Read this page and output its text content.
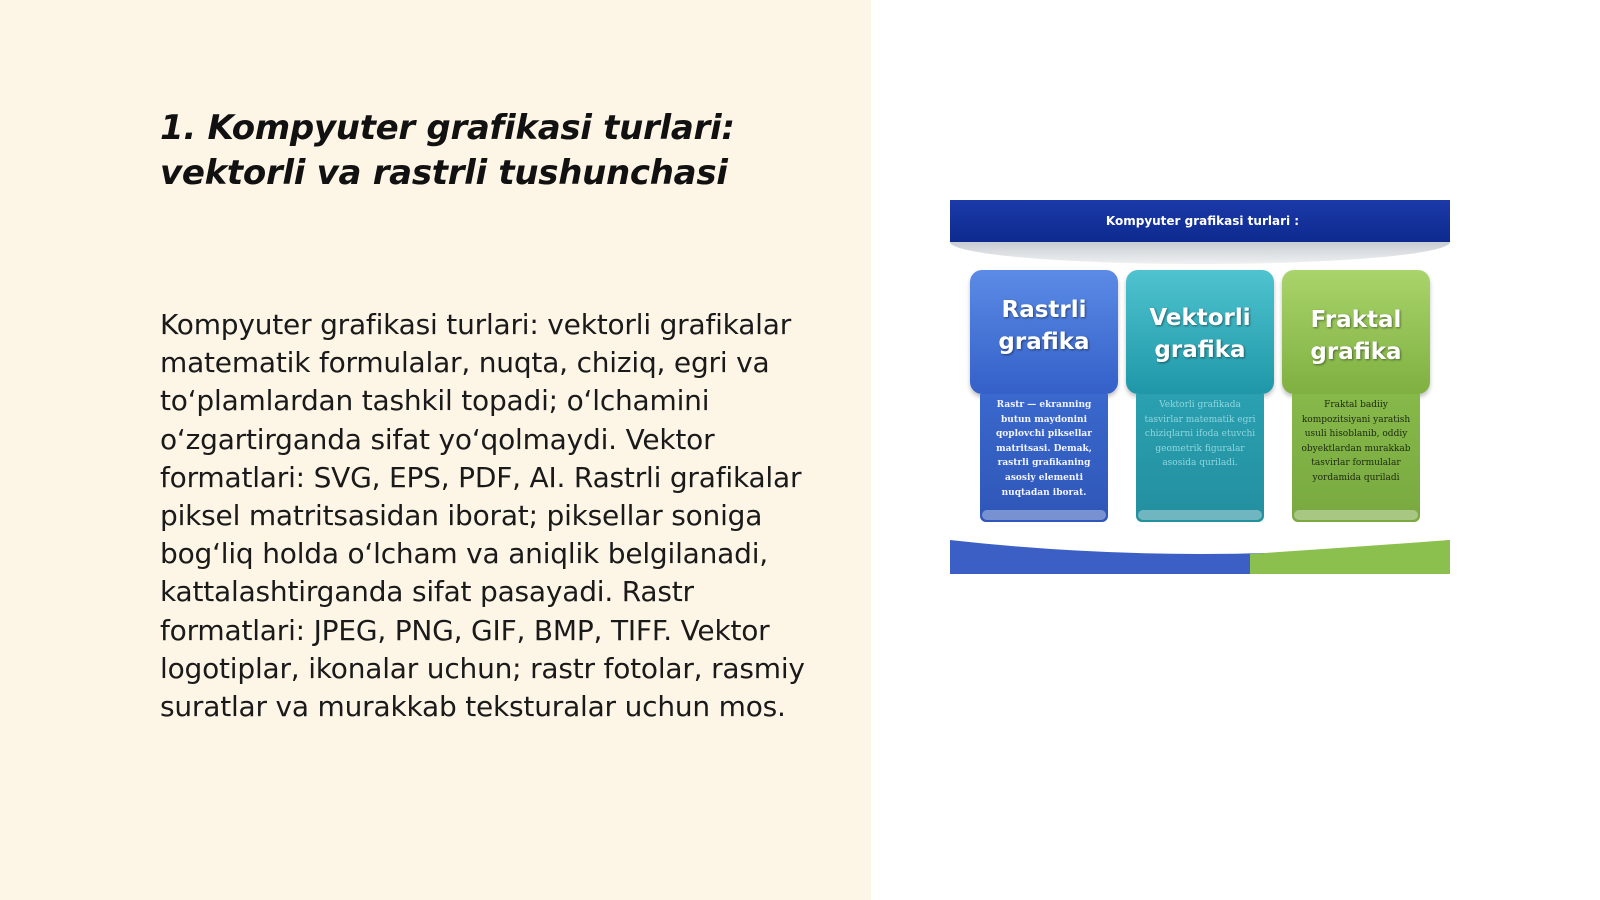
1. Kompyuter grafikasi turlari: vektorli va rastrli tushunchasi

Kompyuter grafikasi turlari: vektorli grafikalar matematik formulalar, nuqta, chiziq, egri va to‘plamlardan tashkil topadi; o‘lchamini o‘zgartirganda sifat yo‘qolmaydi. Vektor formatlari: SVG, EPS, PDF, AI. Rastrli grafikalar piksel matritsasidan iborat; piksellar soniga bog‘liq holda o‘lcham va aniqlik belgilanadi, kattalashtirganda sifat pasayadi. Rastr formatlari: JPEG, PNG, GIF, BMP, TIFF. Vektor logotiplar, ikonalar uchun; rastr fotolar, rasmiy suratlar va murakkab teksturalar uchun mos.

Kompyuter grafikasi turlari :
Rastrli
grafika
Rastr — ekranning butun maydonini qoplovchi piksellar matritsasi. Demak, rastrli grafikaning asosiy elementi nuqtadan iborat.
Vektorli
grafika
Vektorli grafikada tasvirlar matematik egri chiziqlarni ifoda etuvchi geometrik figuralar asosida quriladi.
Fraktal
grafika
Fraktal badiiy kompozitsiyani yaratish usuli hisoblanib, oddiy obyektlardan murakkab tasvirlar formulalar yordamida quriladi
